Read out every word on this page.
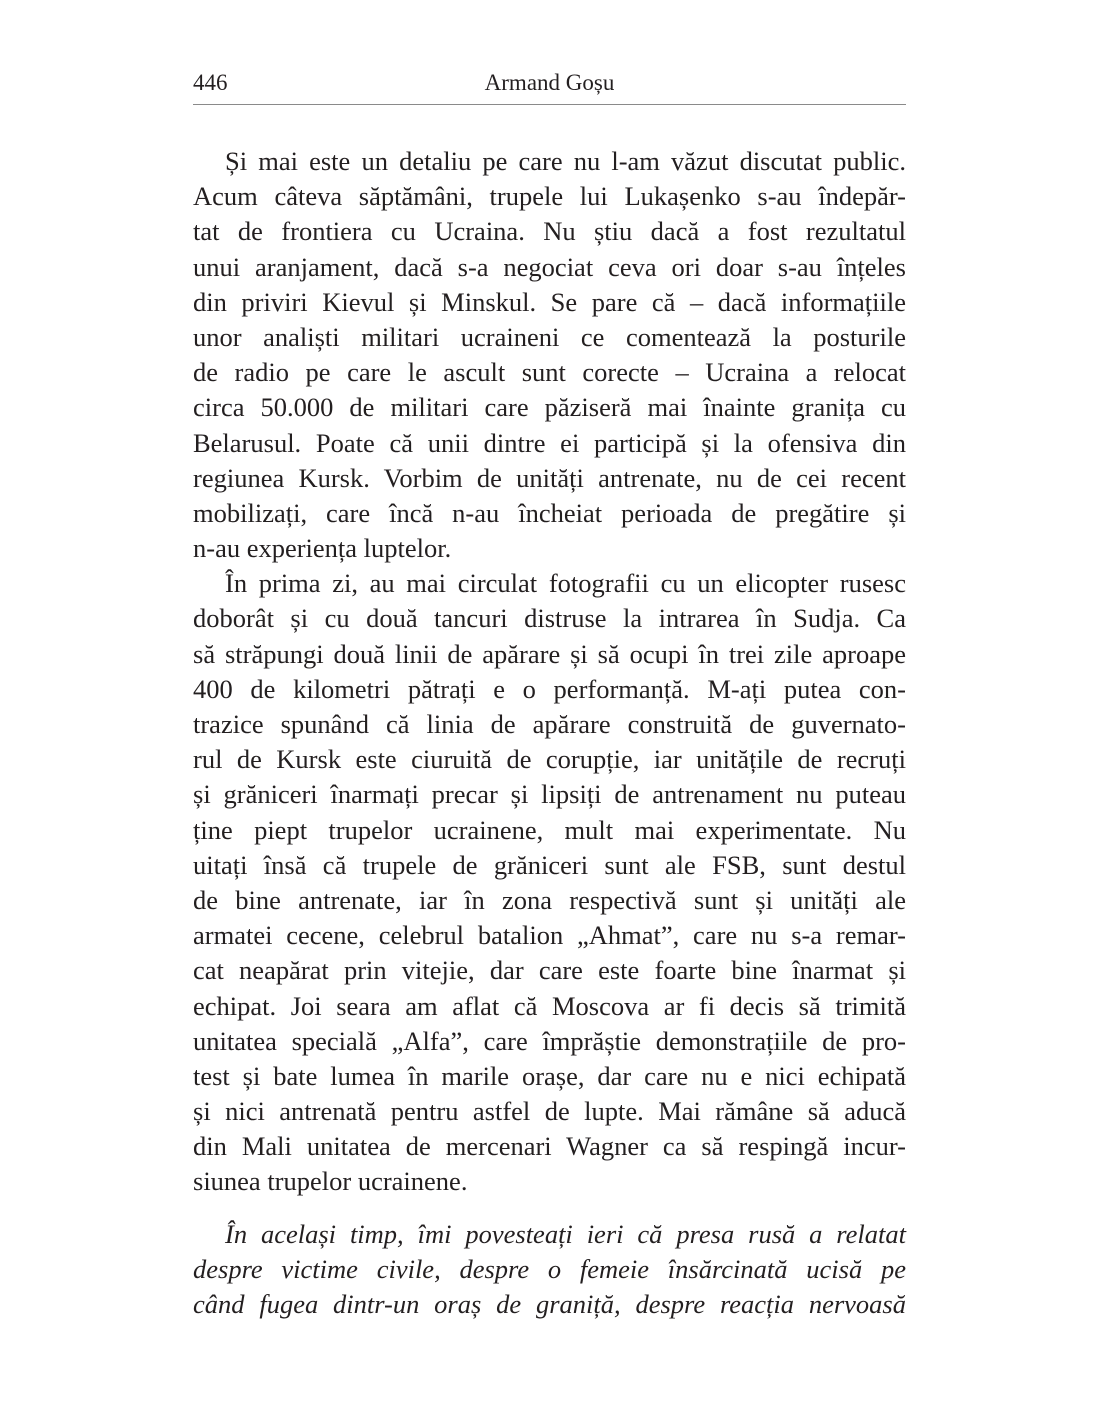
446	Armand Goșu
Și mai este un detaliu pe care nu l-am văzut discutat public.
Acum câteva săptămâni, trupele lui Lukașenko s-au îndepăr-
tat de frontiera cu Ucraina. Nu știu dacă a fost rezultatul
unui aranjament, dacă s-a negociat ceva ori doar s-au înțeles
din priviri Kievul și Minskul. Se pare că – dacă informațiile
unor analiști militari ucraineni ce comentează la posturile
de radio pe care le ascult sunt corecte – Ucraina a relocat
circa 50.000 de militari care păziseră mai înainte granița cu
Belarusul. Poate că unii dintre ei participă și la ofensiva din
regiunea Kursk. Vorbim de unități antrenate, nu de cei recent
mobilizați, care încă n-au încheiat perioada de pregătire și
n-au experiența luptelor.
În prima zi, au mai circulat fotografii cu un elicopter rusesc
doborât și cu două tancuri distruse la intrarea în Sudja. Ca
să străpungi două linii de apărare și să ocupi în trei zile aproape
400 de kilometri pătrați e o performanță. M-ați putea con-
trazice spunând că linia de apărare construită de guvernato-
rul de Kursk este ciuruită de corupție, iar unitățile de recruți
și grăniceri înarmați precar și lipsiți de antrenament nu puteau
ține piept trupelor ucrainene, mult mai experimentate. Nu
uitați însă că trupele de grăniceri sunt ale FSB, sunt destul
de bine antrenate, iar în zona respectivă sunt și unități ale
armatei cecene, celebrul batalion „Ahmat”, care nu s-a remar-
cat neapărat prin vitejie, dar care este foarte bine înarmat și
echipat. Joi seara am aflat că Moscova ar fi decis să trimită
unitatea specială „Alfa”, care împrăștie demonstrațiile de pro-
test și bate lumea în marile orașe, dar care nu e nici echipată
și nici antrenată pentru astfel de lupte. Mai rămâne să aducă
din Mali unitatea de mercenari Wagner ca să respingă incur-
siunea trupelor ucrainene.
În același timp, îmi povesteați ieri că presa rusă a relatat
despre victime civile, despre o femeie însărcinată ucisă pe
când fugea dintr-un oraș de graniță, despre reacția nervoasă
